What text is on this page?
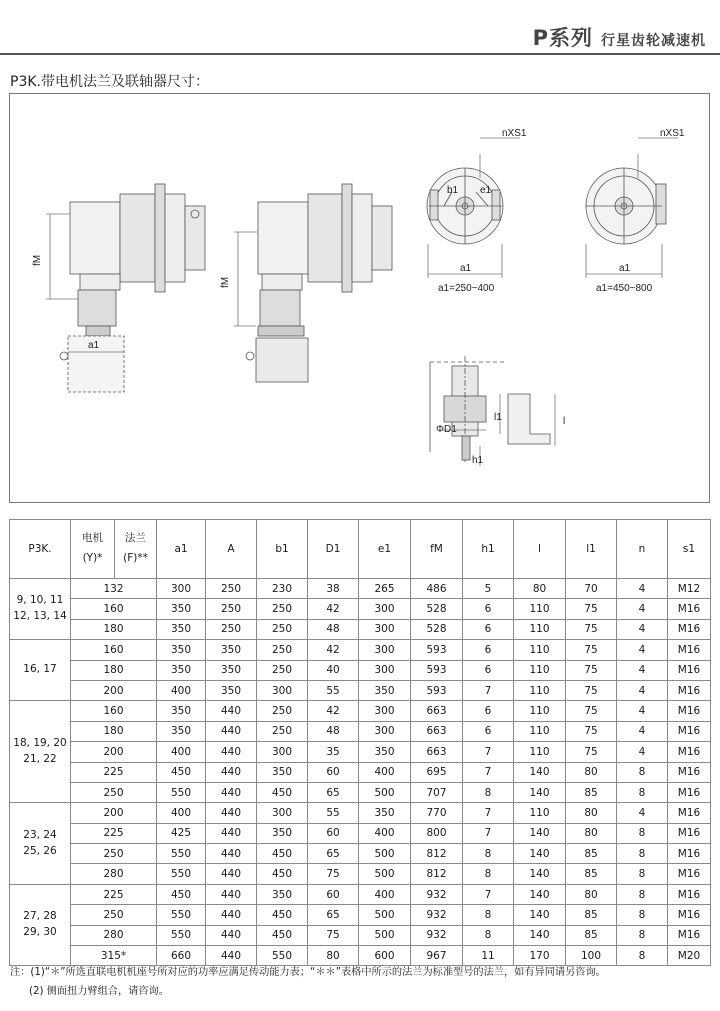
P系列 行星齿轮减速机
P3K.带电机法兰及联轴器尺寸：
fM
a1
fM
b1 e1
a1
nXS1
a1=250~400
a1
nXS1
a1=450~800
ΦD1
l1	l
h1
P3K.	电机
(Y)*	法兰
(F)**	a1	A	b1	D1	e1	fM	h1	l	l1	n	s1
9, 10, 11
12, 13, 14	132		300	250	230	38	265	486	5	80	70	4	M12
	160		350	250	250	42	300	528	6	110	75	4	M16
	180		350	250	250	48	300	528	6	110	75	4	M16
16, 17	160		350	350	250	42	300	593	6	110	75	4	M16
	180		350	350	250	40	300	593	6	110	75	4	M16
	200		400	350	300	55	350	593	7	110	75	4	M16
18, 19, 20
21, 22	160		350	440	250	42	300	663	6	110	75	4	M16
	180		350	440	250	48	300	663	6	110	75	4	M16
	200		400	440	300	35	350	663	7	110	75	4	M16
	225		450	440	350	60	400	695	7	140	80	8	M16
	250		550	440	450	65	500	707	8	140	85	8	M16
23, 24
25, 26	200		400	440	300	55	350	770	7	110	80	4	M16
	225		425	440	350	60	400	800	7	140	80	8	M16
	250		550	440	450	65	500	812	8	140	85	8	M16
	280		550	440	450	75	500	812	8	140	85	8	M16
27, 28
29, 30	225		450	440	350	60	400	932	7	140	80	8	M16
	250		550	440	450	65	500	932	8	140	85	8	M16
	280		550	440	450	75	500	932	8	140	85	8	M16
	315*		660	440	550	80	600	967	11	170	100	8	M20
注：(1)“＊”所选直联电机机座号所对应的功率应满足传动能力表；“＊＊”表格中所示的法兰为标准型号的法兰，如有异同请另咨询。
(2) 侧面扭力臂组合，请咨询。
